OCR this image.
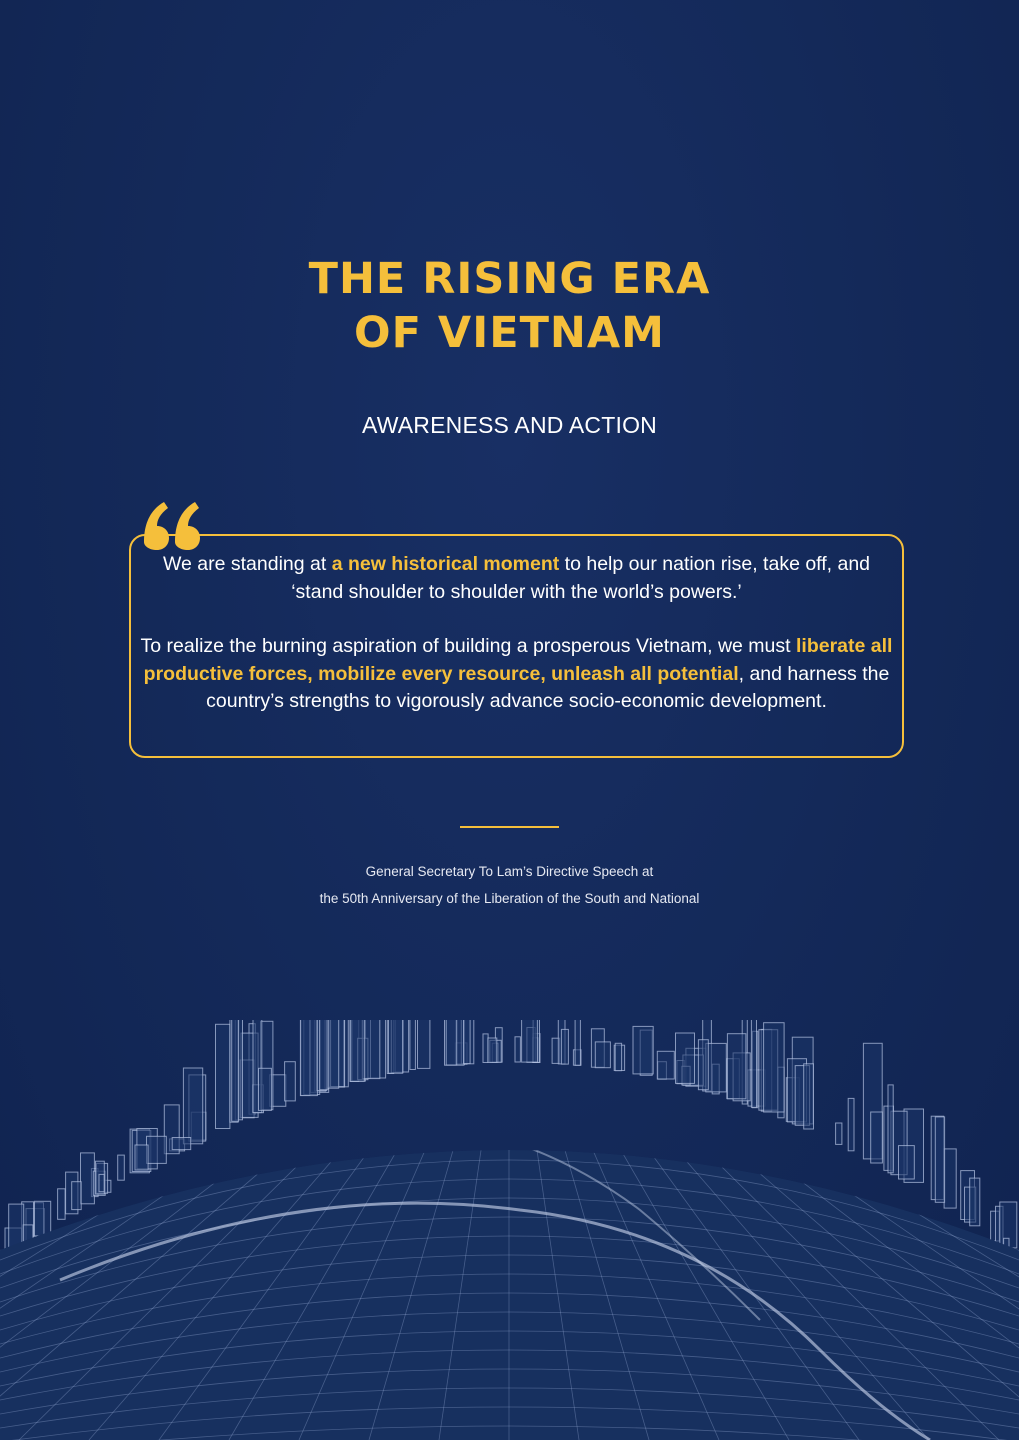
THE RISING ERA
OF VIETNAM
AWARENESS AND ACTION

We are standing at a new historical moment to help our nation rise, take off, and ‘stand shoulder to shoulder with the world’s powers.’

To realize the burning aspiration of building a prosperous Vietnam, we must liberate all productive forces, mobilize every resource, unleash all potential, and harness the country’s strengths to vigorously advance socio-economic development.

General Secretary To Lam’s Directive Speech at
the 50th Anniversary of the Liberation of the South and National
